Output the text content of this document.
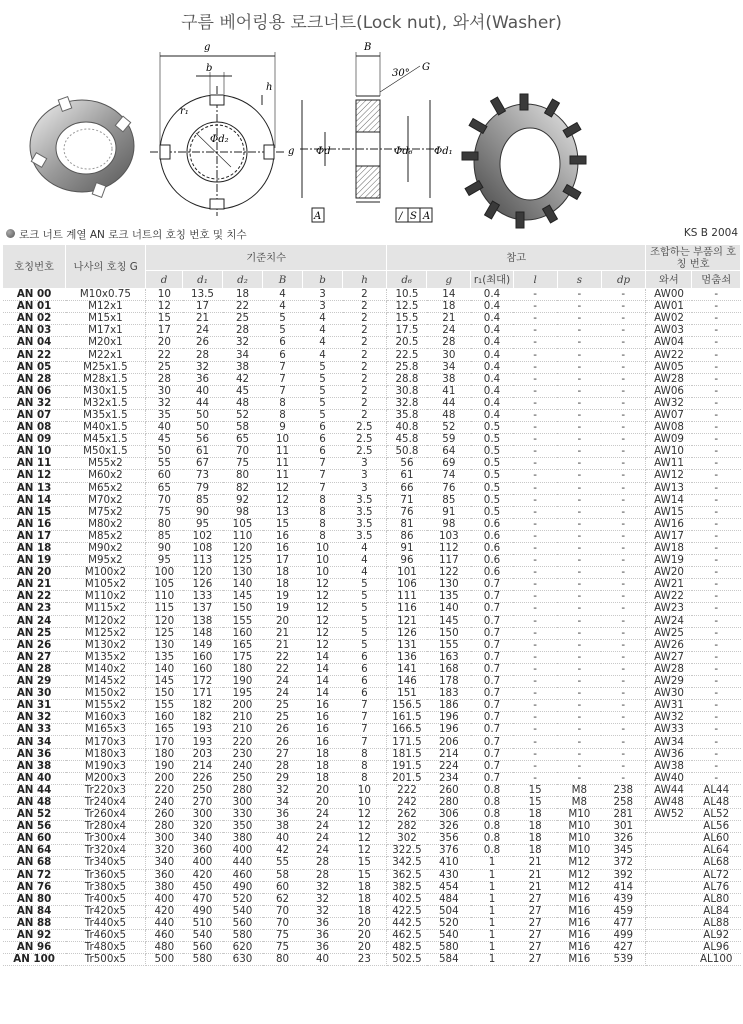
구름 베어링용 로크너트(Lock nut), 와셔(Washer)
g
b
h
r₁
Φd₂
B
30°
G
g Φd	Φd₆ Φd₁
A	/ S A
로크 너트 계열 AN 로크 너트의 호칭 번호 및 치수	KS B 2004
호칭번호	나사의 호칭 G	기준치수						참고						조합하는 부품의 호칭 번호	
		d	d₁	d₂	B	b	h	d₆	g	r₁(최대)	l	s	dp	와셔	멈춤쇠
AN 00	M10x0.75	10	13.5	18	4	3	2	10.5	14	0.4	-	-	-	AW00	-
AN 01	M12x1	12	17	22	4	3	2	12.5	18	0.4	-	-	-	AW01	-
AN 02	M15x1	15	21	25	5	4	2	15.5	21	0.4	-	-	-	AW02	-
AN 03	M17x1	17	24	28	5	4	2	17.5	24	0.4	-	-	-	AW03	-
AN 04	M20x1	20	26	32	6	4	2	20.5	28	0.4	-	-	-	AW04	-
AN 22	M22x1	22	28	34	6	4	2	22.5	30	0.4	-	-	-	AW22	-
AN 05	M25x1.5	25	32	38	7	5	2	25.8	34	0.4	-	-	-	AW05	-
AN 28	M28x1.5	28	36	42	7	5	2	28.8	38	0.4	-	-	-	AW28	-
AN 06	M30x1.5	30	40	45	7	5	2	30.8	41	0.4	-	-	-	AW06	-
AN 32	M32x1.5	32	44	48	8	5	2	32.8	44	0.4	-	-	-	AW32	-
AN 07	M35x1.5	35	50	52	8	5	2	35.8	48	0.4	-	-	-	AW07	-
AN 08	M40x1.5	40	50	58	9	6	2.5	40.8	52	0.5	-	-	-	AW08	-
AN 09	M45x1.5	45	56	65	10	6	2.5	45.8	59	0.5	-	-	-	AW09	-
AN 10	M50x1.5	50	61	70	11	6	2.5	50.8	64	0.5	-	-	-	AW10	-
AN 11	M55x2	55	67	75	11	7	3	56	69	0.5	-	-	-	AW11	-
AN 12	M60x2	60	73	80	11	7	3	61	74	0.5	-	-	-	AW12	-
AN 13	M65x2	65	79	82	12	7	3	66	76	0.5	-	-	-	AW13	-
AN 14	M70x2	70	85	92	12	8	3.5	71	85	0.5	-	-	-	AW14	-
AN 15	M75x2	75	90	98	13	8	3.5	76	91	0.5	-	-	-	AW15	-
AN 16	M80x2	80	95	105	15	8	3.5	81	98	0.6	-	-	-	AW16	-
AN 17	M85x2	85	102	110	16	8	3.5	86	103	0.6	-	-	-	AW17	-
AN 18	M90x2	90	108	120	16	10	4	91	112	0.6	-	-	-	AW18	-
AN 19	M95x2	95	113	125	17	10	4	96	117	0.6	-	-	-	AW19	-
AN 20	M100x2	100	120	130	18	10	4	101	122	0.6	-	-	-	AW20	-
AN 21	M105x2	105	126	140	18	12	5	106	130	0.7	-	-	-	AW21	-
AN 22	M110x2	110	133	145	19	12	5	111	135	0.7	-	-	-	AW22	-
AN 23	M115x2	115	137	150	19	12	5	116	140	0.7	-	-	-	AW23	-
AN 24	M120x2	120	138	155	20	12	5	121	145	0.7	-	-	-	AW24	-
AN 25	M125x2	125	148	160	21	12	5	126	150	0.7	-	-	-	AW25	-
AN 26	M130x2	130	149	165	21	12	5	131	155	0.7	-	-	-	AW26	-
AN 27	M135x2	135	160	175	22	14	6	136	163	0.7	-	-	-	AW27	-
AN 28	M140x2	140	160	180	22	14	6	141	168	0.7	-	-	-	AW28	-
AN 29	M145x2	145	172	190	24	14	6	146	178	0.7	-	-	-	AW29	-
AN 30	M150x2	150	171	195	24	14	6	151	183	0.7	-	-	-	AW30	-
AN 31	M155x2	155	182	200	25	16	7	156.5	186	0.7	-	-	-	AW31	-
AN 32	M160x3	160	182	210	25	16	7	161.5	196	0.7	-	-	-	AW32	-
AN 33	M165x3	165	193	210	26	16	7	166.5	196	0.7	-	-	-	AW33	-
AN 34	M170x3	170	193	220	26	16	7	171.5	206	0.7	-	-	-	AW34	-
AN 36	M180x3	180	203	230	27	18	8	181.5	214	0.7	-	-	-	AW36	-
AN 38	M190x3	190	214	240	28	18	8	191.5	224	0.7	-	-	-	AW38	-
AN 40	M200x3	200	226	250	29	18	8	201.5	234	0.7	-	-	-	AW40	-
AN 44	Tr220x3	220	250	280	32	20	10	222	260	0.8	15	M8	238	AW44	AL44
AN 48	Tr240x4	240	270	300	34	20	10	242	280	0.8	15	M8	258	AW48	AL48
AN 52	Tr260x4	260	300	330	36	24	12	262	306	0.8	18	M10	281	AW52	AL52
AN 56	Tr280x4	280	320	350	38	24	12	282	326	0.8	18	M10	301		AL56
AN 60	Tr300x4	300	340	380	40	24	12	302	356	0.8	18	M10	326		AL60
AN 64	Tr320x4	320	360	400	42	24	12	322.5	376	0.8	18	M10	345		AL64
AN 68	Tr340x5	340	400	440	55	28	15	342.5	410	1	21	M12	372		AL68
AN 72	Tr360x5	360	420	460	58	28	15	362.5	430	1	21	M12	392		AL72
AN 76	Tr380x5	380	450	490	60	32	18	382.5	454	1	21	M12	414		AL76
AN 80	Tr400x5	400	470	520	62	32	18	402.5	484	1	27	M16	439		AL80
AN 84	Tr420x5	420	490	540	70	32	18	422.5	504	1	27	M16	459		AL84
AN 88	Tr440x5	440	510	560	70	36	20	442.5	520	1	27	M16	477		AL88
AN 92	Tr460x5	460	540	580	75	36	20	462.5	540	1	27	M16	499		AL92
AN 96	Tr480x5	480	560	620	75	36	20	482.5	580	1	27	M16	427		AL96
AN 100	Tr500x5	500	580	630	80	40	23	502.5	584	1	27	M16	539		AL100
